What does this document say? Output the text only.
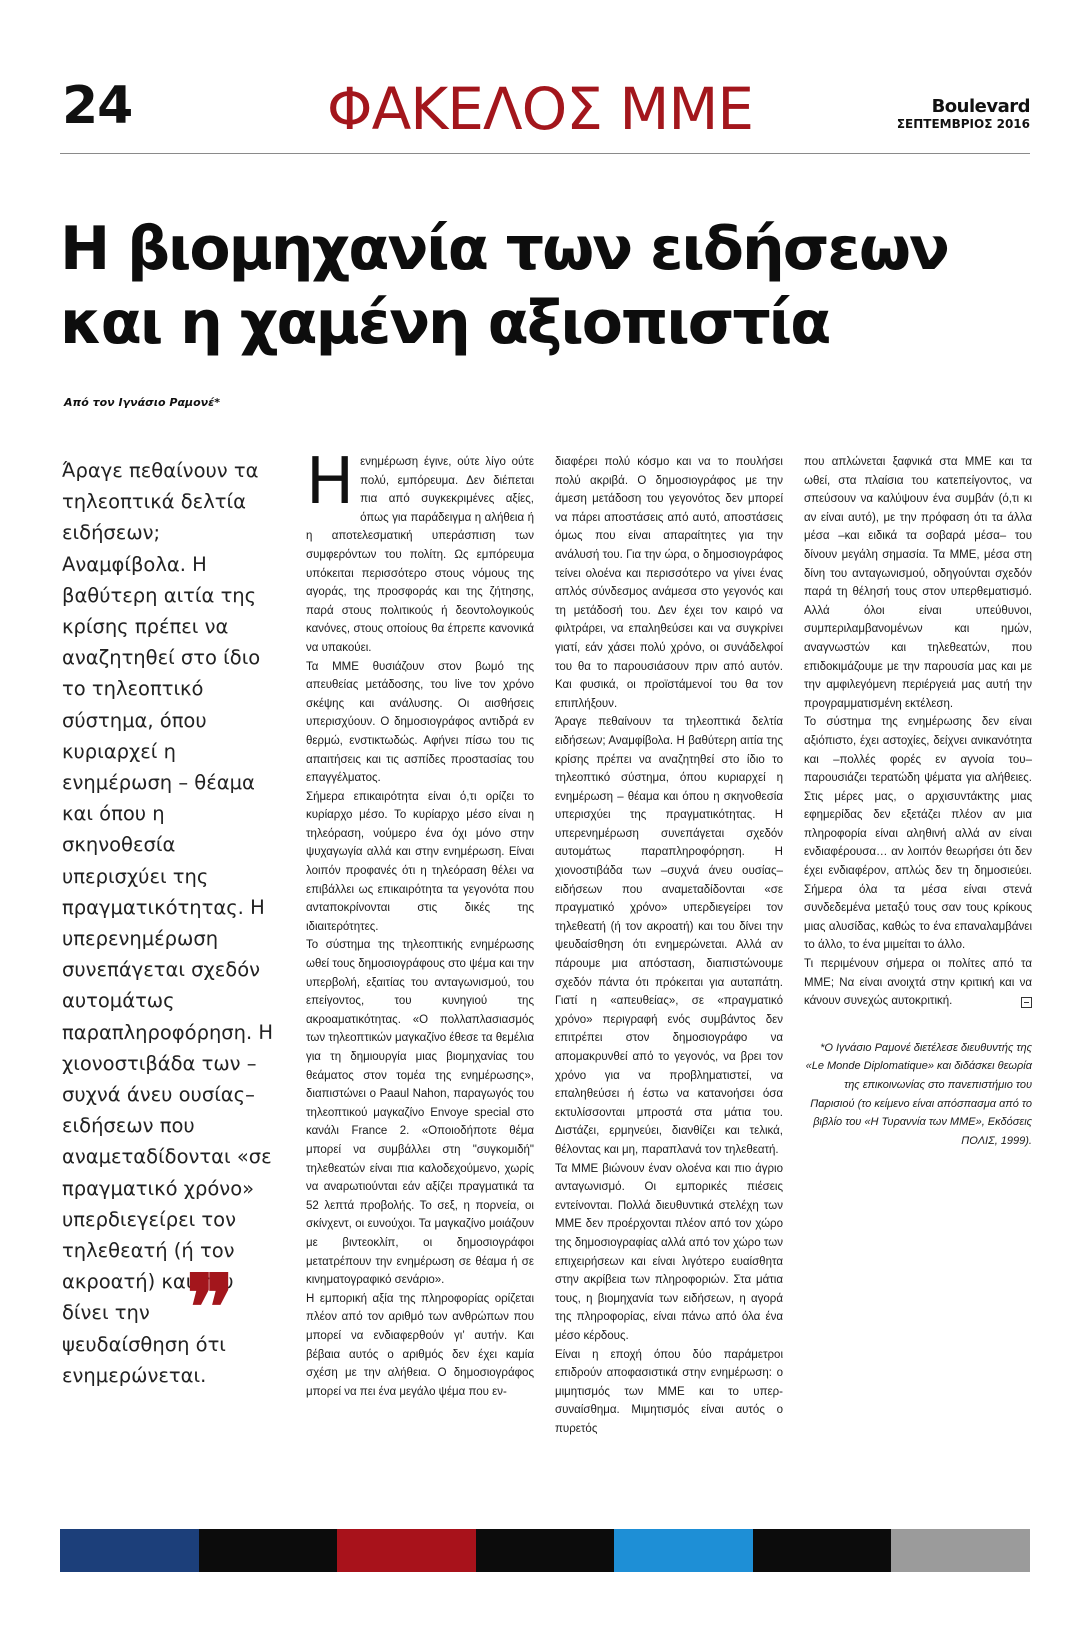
24	ΦΑΚΕΛΟΣ ΜΜΕ	Boulevard
ΣΕΠΤΕΜΒΡΙΟΣ 2016
Η βιομηχανία των ειδήσεων
και η χαμένη αξιοπιστία
Από τον Ιγνάσιο Ραμονέ*

Άραγε πεθαίνουν τα τηλεοπτικά δελτία ειδήσεων; Αναμφίβολα. Η βαθύτερη αιτία της κρίσης πρέπει να αναζητηθεί στο ίδιο το τηλεοπτικό σύστημα, όπου κυριαρχεί η ενημέρωση – θέαμα και όπου η σκηνοθεσία υπερισχύει της πραγματικότητας. Η υπερενημέρωση συνεπάγεται σχεδόν αυτομάτως παραπληροφόρηση. Η χιονοστιβάδα των –συχνά άνευ ουσίας– ειδήσεων που αναμεταδίδονται «σε πραγματικό χρόνο» υπερδιεγείρει τον τηλεθεατή (ή τον ακροατή) και του δίνει την ψευδαίσθηση ότι ενημερώνεται.

❞

Ηενημέρωση έγινε, ούτε λίγο ούτε πολύ, εμπόρευμα. Δεν διέπεται πια από συγκεκριμένες αξίες, όπως για παράδειγμα η αλήθεια ή η αποτελεσματική υπεράσπιση των συμφερόντων του πολίτη. Ως εμπόρευμα υπόκειται περισσότερο στους νόμους της αγοράς, της προσφοράς και της ζήτησης, παρά στους πολιτικούς ή δεοντολογικούς κανόνες, στους οποίους θα έπρεπε κανονικά να υπακούει.

Τα ΜΜΕ θυσιάζουν στον βωμό της απευθείας μετάδοσης, του live τον χρόνο σκέψης και ανάλυσης. Οι αισθήσεις υπερισχύουν. Ο δημοσιογράφος αντιδρά εν θερμώ, ενστικτωδώς. Αφήνει πίσω του τις απαιτήσεις και τις ασπίδες προστασίας του επαγγέλματος.

Σήμερα επικαιρότητα είναι ό,τι ορίζει το κυρίαρχο μέσο. Το κυρίαρχο μέσο είναι η τηλεόραση, νούμερο ένα όχι μόνο στην ψυχαγωγία αλλά και στην ενημέρωση. Είναι λοιπόν προφανές ότι η τηλεόραση θέλει να επιβάλλει ως επικαιρότητα τα γεγονότα που ανταποκρίνονται στις δικές της ιδιαιτερότητες.

Το σύστημα της τηλεοπτικής ενημέρωσης ωθεί τους δημοσιογράφους στο ψέμα και την υπερβολή, εξαιτίας του ανταγωνισμού, του επείγοντος, του κυνηγιού της ακροαματικότητας. «Ο πολλαπλασιασμός των τηλεοπτικών μαγκαζίνο έθεσε τα θεμέλια για τη δημιουργία μιας βιομηχανίας του θεάματος στον τομέα της ενημέρωσης», διαπιστώνει ο Paaul Nahon, παραγωγός του τηλεοπτικού μαγκαζίνο Envoye special στο κανάλι France 2. «Οποιοδήποτε θέμα μπορεί να συμβάλλει στη "συγκομιδή" τηλεθεατών είναι πια καλοδεχούμενο, χωρίς να αναρωτιούνται εάν αξίζει πραγματικά τα 52 λεπτά προβολής. Το σεξ, η πορνεία, οι σκίνχεντ, οι ευνούχοι. Τα μαγκαζίνο μοιάζουν με βιντεοκλίπ, οι δημοσιογράφοι μετατρέπουν την ενημέρωση σε θέαμα ή σε κινηματογραφικό σενάριο».

Η εμπορική αξία της πληροφορίας ορίζεται πλέον από τον αριθμό των ανθρώπων που μπορεί να ενδιαφερθούν γι’ αυτήν. Και βέβαια αυτός ο αριθμός δεν έχει καμία σχέση με την αλήθεια. Ο δημοσιογράφος μπορεί να πει ένα μεγάλο ψέμα που εν-

διαφέρει πολύ κόσμο και να το πουλήσει πολύ ακριβά. Ο δημοσιογράφος με την άμεση μετάδοση του γεγονότος δεν μπορεί να πάρει αποστάσεις από αυτό, αποστάσεις όμως που είναι απαραίτητες για την ανάλυσή του. Για την ώρα, ο δημοσιογράφος τείνει ολοένα και περισσότερο να γίνει ένας απλός σύνδεσμος ανάμεσα στο γεγονός και τη μετάδοσή του. Δεν έχει τον καιρό να φιλτράρει, να επαληθεύσει και να συγκρίνει γιατί, εάν χάσει πολύ χρόνο, οι συνάδελφοί του θα το παρουσιάσουν πριν από αυτόν. Και φυσικά, οι προϊστάμενοί του θα τον επιπλήξουν.

Άραγε πεθαίνουν τα τηλεοπτικά δελτία ειδήσεων; Αναμφίβολα. Η βαθύτερη αιτία της κρίσης πρέπει να αναζητηθεί στο ίδιο το τηλεοπτικό σύστημα, όπου κυριαρχεί η ενημέρωση – θέαμα και όπου η σκηνοθεσία υπερισχύει της πραγματικότητας. Η υπερενημέρωση συνεπάγεται σχεδόν αυτομάτως παραπληροφόρηση. Η χιονοστιβάδα των –συχνά άνευ ουσίας– ειδήσεων που αναμεταδίδονται «σε πραγματικό χρόνο» υπερδιεγείρει τον τηλεθεατή (ή τον ακροατή) και του δίνει την ψευδαίσθηση ότι ενημερώνεται. Αλλά αν πάρουμε μια απόσταση, διαπιστώνουμε σχεδόν πάντα ότι πρόκειται για αυταπάτη. Γιατί η «απευθείας», σε «πραγματικό χρόνο» περιγραφή ενός συμβάντος δεν επιτρέπει στον δημοσιογράφο να απομακρυνθεί από το γεγονός, να βρει τον χρόνο για να προβληματιστεί, να επαληθεύσει ή έστω να κατανοήσει όσα εκτυλίσσονται μπροστά στα μάτια του. Διστάζει, ερμηνεύει, διανθίζει και τελικά, θέλοντας και μη, παραπλανά τον τηλεθεατή.

Τα ΜΜΕ βιώνουν έναν ολοένα και πιο άγριο ανταγωνισμό. Οι εμπορικές πιέσεις εντείνονται. Πολλά διευθυντικά στελέχη των ΜΜΕ δεν προέρχονται πλέον από τον χώρο της δημοσιογραφίας αλλά από τον χώρο των επιχειρήσεων και είναι λιγότερο ευαίσθητα στην ακρίβεια των πληροφοριών. Στα μάτια τους, η βιομηχανία των ειδήσεων, η αγορά της πληροφορίας, είναι πάνω από όλα ένα μέσο κέρδους.

Είναι η εποχή όπου δύο παράμετροι επιδρούν αποφασιστικά στην ενημέρωση: ο μιμητισμός των ΜΜΕ και το υπερ-συναίσθημα. Μιμητισμός είναι αυτός ο πυρετός

που απλώνεται ξαφνικά στα ΜΜΕ και τα ωθεί, στα πλαίσια του κατεπείγοντος, να σπεύσουν να καλύψουν ένα συμβάν (ό,τι κι αν είναι αυτό), με την πρόφαση ότι τα άλλα μέσα –και ειδικά τα σοβαρά μέσα– του δίνουν μεγάλη σημασία. Τα ΜΜΕ, μέσα στη δίνη του ανταγωνισμού, οδηγούνται σχεδόν παρά τη θέλησή τους στον υπερθεματισμό. Αλλά όλοι είναι υπεύθυνοι, συμπεριλαμβανομένων και ημών, αναγνωστών και τηλεθεατών, που επιδοκιμάζουμε με την παρουσία μας και με την αμφιλεγόμενη περιέργειά μας αυτή την προγραμματισμένη εκτέλεση.

Το σύστημα της ενημέρωσης δεν είναι αξιόπιστο, έχει αστοχίες, δείχνει ανικανότητα και –πολλές φορές εν αγνοία του– παρουσιάζει τερατώδη ψέματα για αλήθειες. Στις μέρες μας, ο αρχισυντάκτης μιας εφημερίδας δεν εξετάζει πλέον αν μια πληροφορία είναι αληθινή αλλά αν είναι ενδιαφέρουσα… αν λοιπόν θεωρήσει ότι δεν έχει ενδιαφέρον, απλώς δεν τη δημοσιεύει. Σήμερα όλα τα μέσα είναι στενά συνδεδεμένα μεταξύ τους σαν τους κρίκους μιας αλυσίδας, καθώς το ένα επαναλαμβάνει το άλλο, το ένα μιμείται το άλλο.

Τι περιμένουν σήμερα οι πολίτες από τα ΜΜΕ; Να είναι ανοιχτά στην κριτική και να κάνουν συνεχώς αυτοκριτική.

*Ο Ιγνάσιο Ραμονέ διετέλεσε διευθυντής της «Le Monde Diplomatique» και διδάσκει θεωρία της επικοινωνίας στο πανεπιστήμιο του Παρισιού (το κείμενο είναι απόσπασμα από το βιβλίο του «Η Τυραννία των ΜΜΕ», Εκδόσεις ΠΟΛΙΣ, 1999).
